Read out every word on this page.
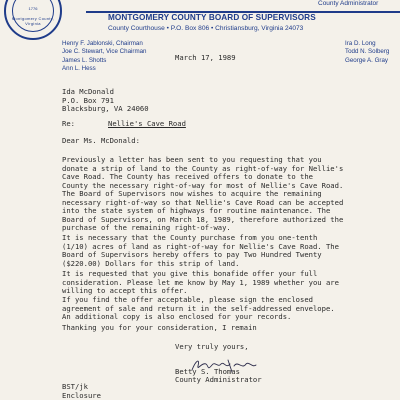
1776
Montgomery County, Virginia
County Administrator
MONTGOMERY COUNTY BOARD OF SUPERVISORS
County Courthouse • P.O. Box 806 • Christiansburg, Virginia 24073
Henry F. Jablonski, Chairman
Joe C. Stewart, Vice Chairman
James L. Shotts
Ann L. Hess
Ira D. Long
Todd N. Solberg
George A. Gray
March 17, 1989
Ida McDonald
P.O. Box 791
Blacksburg, VA 24060
Re:	Nellie's Cave Road
Dear Ms. McDonald:
Previously a letter has been sent to you requesting that you
donate a strip of land to the County as right-of-way for Nellie's
Cave Road. The County has received offers to donate to the
County the necessary right-of-way for most of Nellie's Cave Road.
The Board of Supervisors now wishes to acquire the remaining
necessary right-of-way so that Nellie's Cave Road can be accepted
into the state system of highways for routine maintenance. The
Board of Supervisors, on March 18, 1989, therefore authorized the
purchase of the remaining right-of-way.
It is necessary that the County purchase from you one-tenth
(1/10) acres of land as right-of-way for Nellie's Cave Road. The
Board of Supervisors hereby offers to pay Two Hundred Twenty
($220.00) Dollars for this strip of land.
It is requested that you give this bonafide offer your full
consideration. Please let me know by May 1, 1989 whether you are
willing to accept this offer.
If you find the offer acceptable, please sign the enclosed
agreement of sale and return it in the self-addressed envelope.
An additional copy is also enclosed for your records.
Thanking you for your consideration, I remain
Very truly yours,
Betty S. Thomas
County Administrator
BST/jk
Enclosure
